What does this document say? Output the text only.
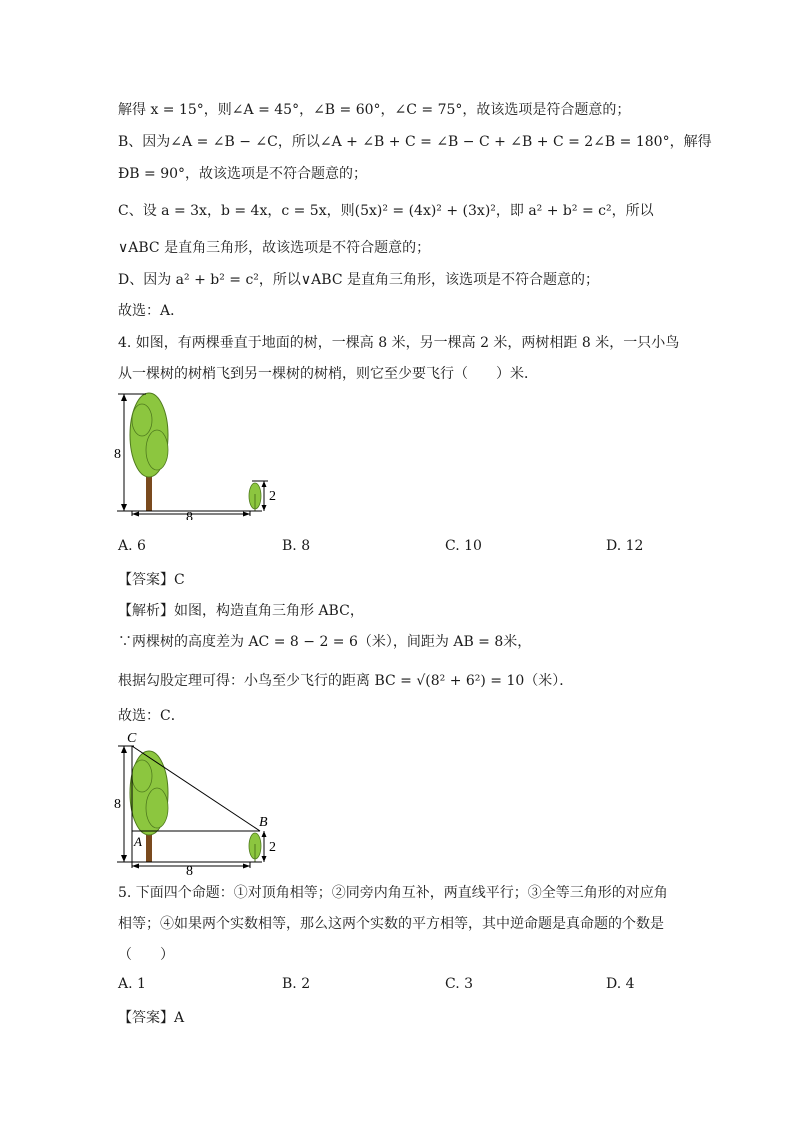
解得 x = 15°，则∠A = 45°，∠B = 60°，∠C = 75°，故该选项是符合题意的；
B、因为∠A = ∠B − ∠C，所以∠A + ∠B + C = ∠B − C + ∠B + C = 2∠B = 180°，解得
ÐB = 90°，故该选项是不符合题意的；
C、设 a = 3x，b = 4x，c = 5x，则(5x)² = (4x)² + (3x)²，即 a² + b² = c²，所以
∨ABC 是直角三角形，故该选项是不符合题意的；
D、因为 a² + b² = c²，所以∨ABC 是直角三角形，该选项是不符合题意的；
故选：A．
4. 如图，有两棵垂直于地面的树，一棵高 8 米，另一棵高 2 米，两树相距 8 米，一只小鸟
从一棵树的树梢飞到另一棵树的树梢，则它至少要飞行（　　）米．
8
2
8
A. 6	B. 8	C. 10	D. 12
【答案】C
【解析】如图，构造直角三角形 ABC，
∵两棵树的高度差为 AC = 8 − 2 = 6（米），间距为 AB = 8米，
根据勾股定理可得：小鸟至少飞行的距离 BC = √(8² + 6²) = 10（米）．
故选：C．
C
A
B
8
2
8
5. 下面四个命题：①对顶角相等；②同旁内角互补，两直线平行；③全等三角形的对应角
相等；④如果两个实数相等，那么这两个实数的平方相等，其中逆命题是真命题的个数是
（　　）
A. 1	B. 2	C. 3	D. 4
【答案】A
